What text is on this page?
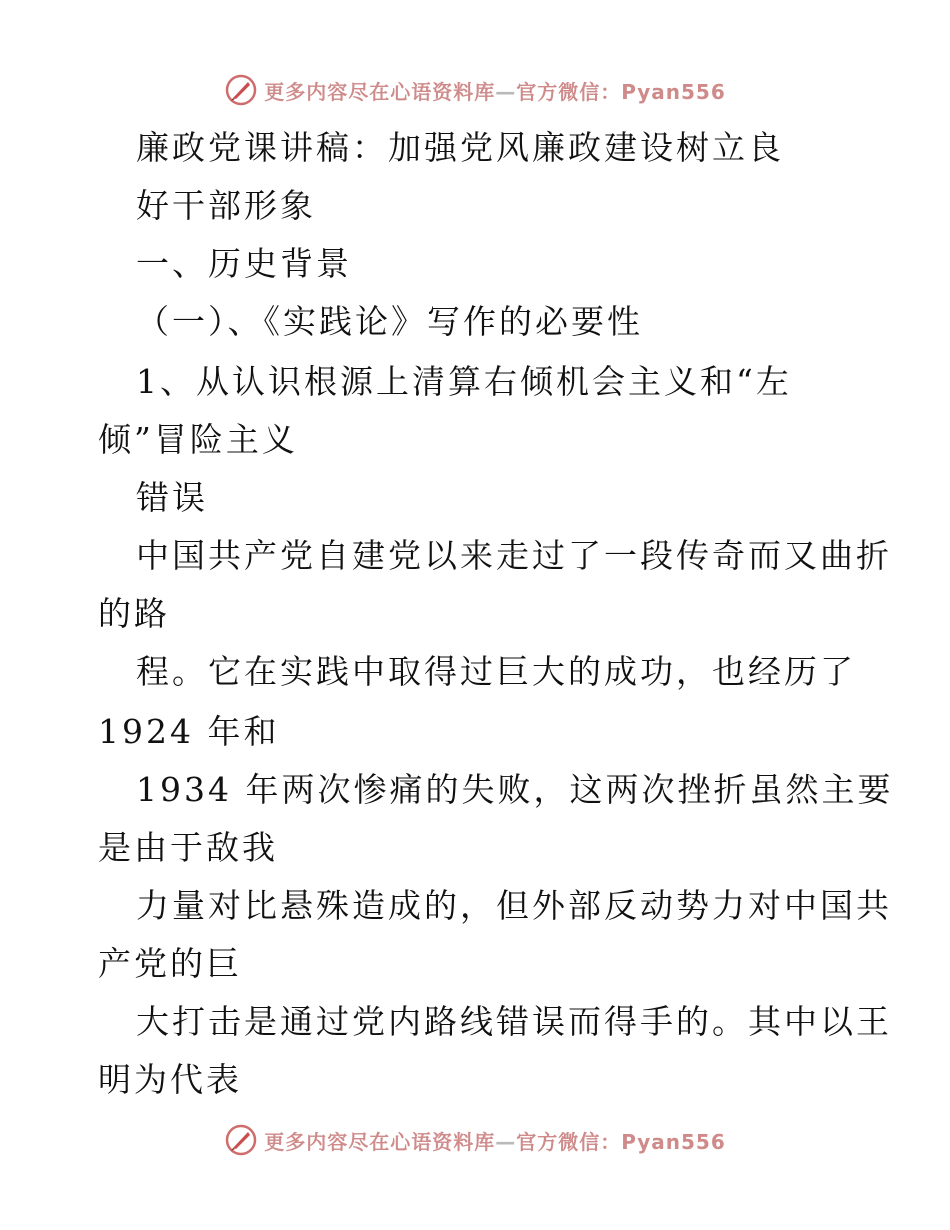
更多内容尽在心语资料库—官方微信：Pyan556
廉政党课讲稿：加强党风廉政建设树立良
好干部形象
一、历史背景
（一）、《实践论》写作的必要性
1、从认识根源上清算右倾机会主义和“左
倾”冒险主义
错误
中国共产党自建党以来走过了一段传奇而又曲折
的路
程。它在实践中取得过巨大的成功，也经历了
1924 年和
1934 年两次惨痛的失败，这两次挫折虽然主要
是由于敌我
力量对比悬殊造成的，但外部反动势力对中国共
产党的巨
大打击是通过党内路线错误而得手的。其中以王
明为代表
更多内容尽在心语资料库—官方微信：Pyan556
